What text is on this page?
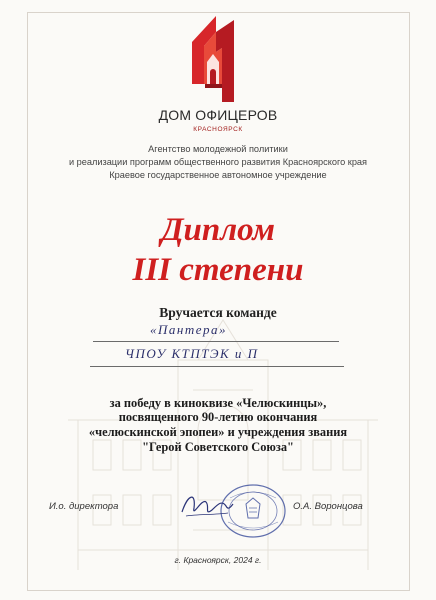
ДОМ ОФИЦЕРОВ
КРАСНОЯРСК
Агентство молодежной политики
и реализации программ общественного развития Красноярского края
Краевое государственное автономное учреждение
Диплом
III степени
Вручается команде
«Пантера»
ЧПОУ КТПТЭК и П
за победу в киноквизе «Челюскинцы»,
посвященного 90-летию окончания
«челюскинской эпопеи» и учреждения звания
"Герой Советского Союза"
И.о. директора	О.А. Воронцова
г. Красноярск, 2024 г.
